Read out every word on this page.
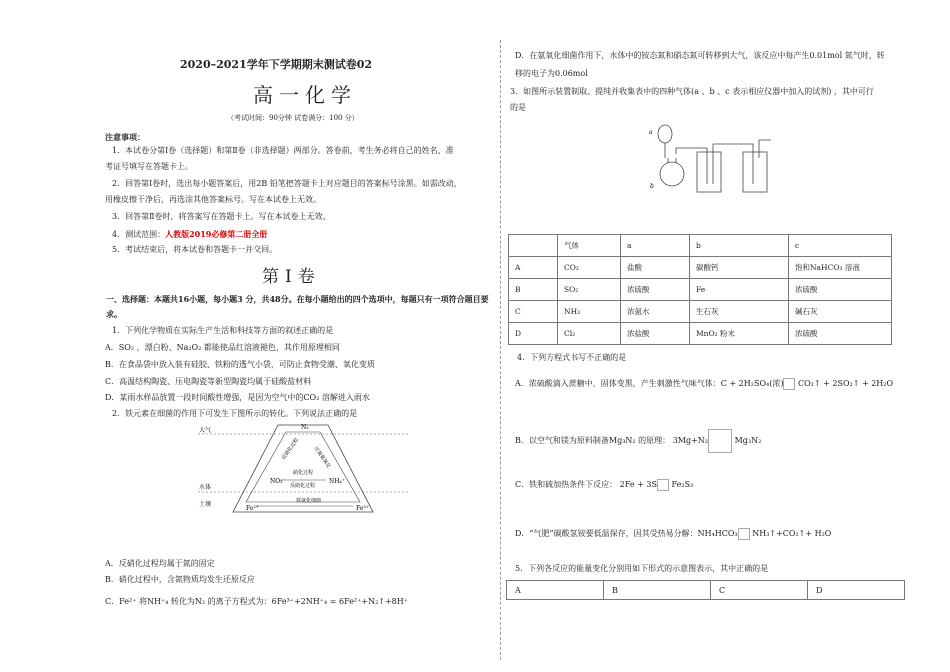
2020–2021学年下学期期末测试卷02
高一化学
（考试时间：90分钟 试卷满分：100 分）
注意事项：
1．本试卷分第Ⅰ卷（选择题）和第Ⅱ卷（非选择题）两部分。答卷前，考生务必将自己的姓名、准
考证号填写在答题卡上。
2．回答第Ⅰ卷时，选出每小题答案后，用2B 铅笔把答题卡上对应题目的答案标号涂黑。如需改动，
用橡皮擦干净后，再选涂其他答案标号。写在本试卷上无效。
3．回答第Ⅱ卷时，将答案写在答题卡上。写在本试卷上无效。
4．测试范围：人教版2019必修第二册全册
5．考试结束后，将本试卷和答题卡一并交回。
第Ⅰ卷
一、选择题：本题共16小题，每小题3 分，共48分。在每小题给出的四个选项中，每题只有一项符合题目要求。
1．下列化学物质在实际生产生活和科技等方面的叙述正确的是
A．SO₂ ，漂白粉、Na₂O₂ 都能使品红溶液褪色，其作用原理相同
B．在食品袋中放入装有硅胶、铁粉的透气小袋，可防止食物受潮、氧化变质
C．高温结构陶瓷、压电陶瓷等新型陶瓷均属于硅酸盐材料
D．某雨水样品放置一段时间酸性增强，是因为空气中的CO₂ 溶解进入雨水
2．铁元素在细菌的作用下可发生下图所示的转化。下列说法正确的是
大气
水体
土壤
N₂
NO₃⁻	NH₄⁺
Fe²⁺	Fe³⁺
反硝化过程 厌氧氨氧化
硝化过程
反硝化过程
铁氨化细菌
A．反硝化过程均属于氮的固定
B．硝化过程中，含氮物质均发生还原反应
C．Fe²⁺ 将NH⁺₄ 转化为N₂ 的离子方程式为：6Fe³⁺+2NH⁺₄ = 6Fe²⁺+N₂↑+8H⁺
D．在氨氧化细菌作用下，水体中的铵态氮和硝态氮可转移到大气，该反应中每产生0.01mol 氮气时，转
移的电子为0.06mol
3．如图所示装置制取、提纯并收集表中的四种气体(a 、b 、c 表示相应仪器中加入的试剂) ，其中可行
的是
a
b
	气体	a	b	c
A	CO₂	盐酸	碳酸钙	饱和NaHCO₃ 溶液
B	SO₂	浓硫酸	Fe	浓硫酸
C	NH₃	浓氨水	生石灰	碱石灰
D	Cl₂	浓盐酸	MnO₂ 粉末	浓硫酸
4．下列方程式书写不正确的是
A．浓硫酸滴入蔗糖中，固体变黑，产生刺激性气味气体：C + 2H₂SO₄(浓) CO₂↑ + 2SO₂↑ + 2H₂O
B．以空气和镁为原料制备Mg₃N₂ 的原理： 3Mg+N₂	Mg₃N₂
C．铁和硫加热条件下反应： 2Fe + 3S Fe₂S₃
D．“气肥”碳酸氢铵要低温保存，因其受热易分解：NH₄HCO₃ NH₃↑+CO₂↑+ H₂O
5．下列各反应的能量变化分别用如下形式的示意图表示，其中正确的是
A	B	C	D
